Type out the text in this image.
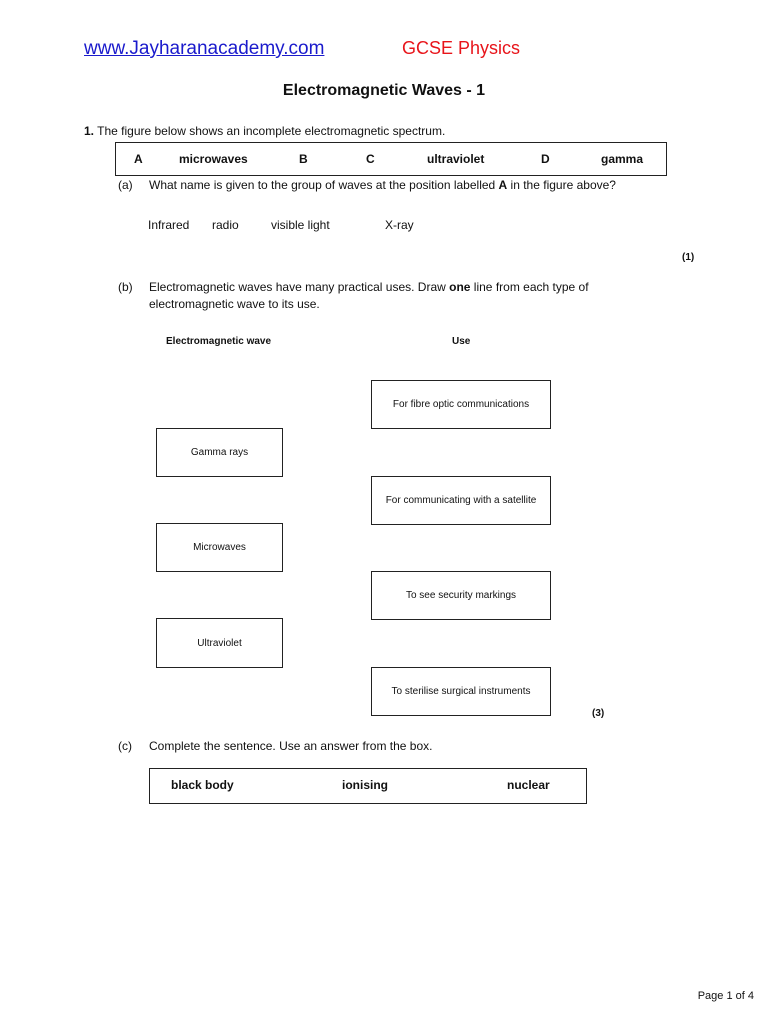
www.Jayharanacademy.com	GCSE Physics
Electromagnetic Waves - 1
1. The figure below shows an incomplete electromagnetic spectrum.
A	microwaves	B	C	ultraviolet	D	gamma
(a) What name is given to the group of waves at the position labelled A in the figure above?
Infrared radio	visible light	X-ray
(1)
(b) Electromagnetic waves have many practical uses. Draw one line from each type of
electromagnetic wave to its use.
Electromagnetic wave	Use
Gamma rays
Microwaves
Ultraviolet
For fibre optic communications
For communicating with a satellite
To see security markings
To sterilise surgical instruments
(3)
(c) Complete the sentence. Use an answer from the box.
black body	ionising	nuclear
Page 1 of 4
